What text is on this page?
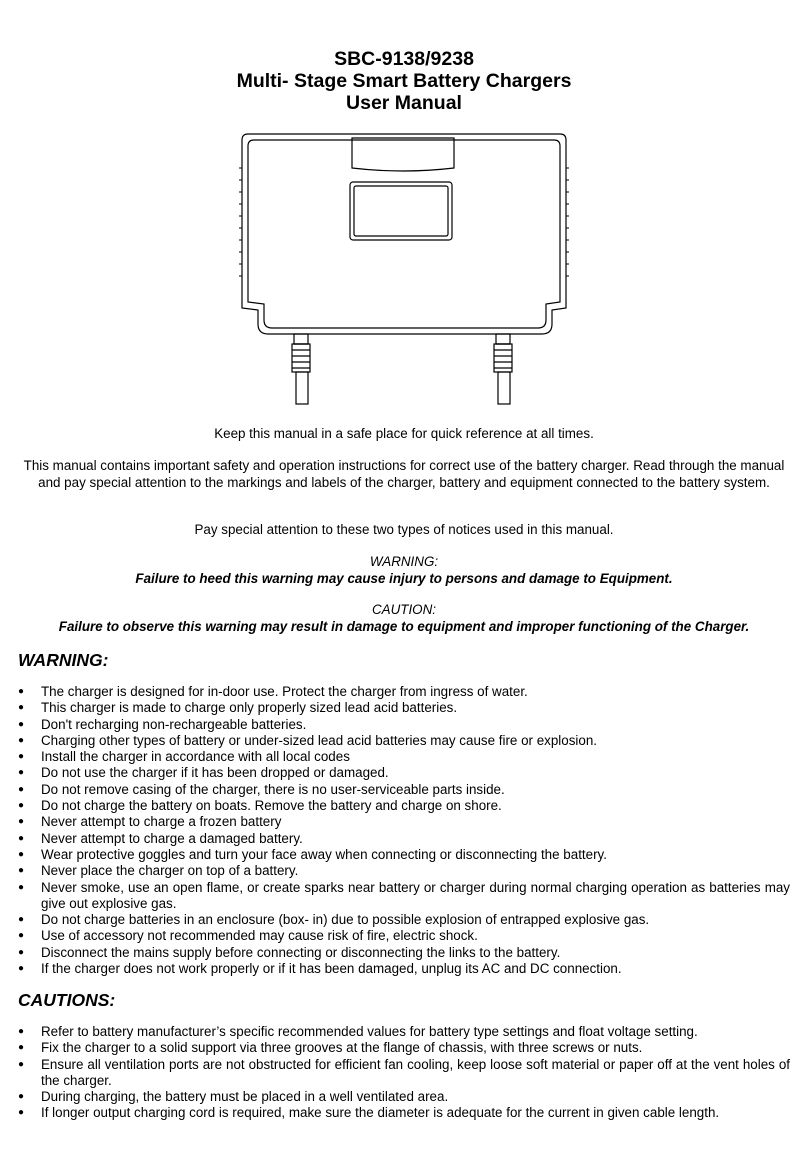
SBC-9138/9238
Multi- Stage Smart Battery Chargers
User Manual
Keep this manual in a safe place for quick reference at all times.
This manual contains important safety and operation instructions for correct use of the battery charger. Read through the manual and pay special attention to the markings and labels of the charger, battery and equipment connected to the battery system.
Pay special attention to these two types of notices used in this manual.
WARNING:
Failure to heed this warning may cause injury to persons and damage to Equipment.
CAUTION:
Failure to observe this warning may result in damage to equipment and improper functioning of the Charger.
WARNING:
● The charger is designed for in-door use. Protect the charger from ingress of water.
● This charger is made to charge only properly sized lead acid batteries.
● Don't recharging non-rechargeable batteries.
● Charging other types of battery or under-sized lead acid batteries may cause fire or explosion.
● Install the charger in accordance with all local codes
● Do not use the charger if it has been dropped or damaged.
● Do not remove casing of the charger, there is no user-serviceable parts inside.
● Do not charge the battery on boats. Remove the battery and charge on shore.
● Never attempt to charge a frozen battery
● Never attempt to charge a damaged battery.
● Wear protective goggles and turn your face away when connecting or disconnecting the battery.
● Never place the charger on top of a battery.
● Never smoke, use an open flame, or create sparks near battery or charger during normal charging operation as batteries may give out explosive gas.
● Do not charge batteries in an enclosure (box- in) due to possible explosion of entrapped explosive gas.
● Use of accessory not recommended may cause risk of fire, electric shock.
● Disconnect the mains supply before connecting or disconnecting the links to the battery.
● If the charger does not work properly or if it has been damaged, unplug its AC and DC connection.
CAUTIONS:
● Refer to battery manufacturer’s specific recommended values for battery type settings and float voltage setting.
● Fix the charger to a solid support via three grooves at the flange of chassis, with three screws or nuts.
● Ensure all ventilation ports are not obstructed for efficient fan cooling, keep loose soft material or paper off at the vent holes of the charger.
● During charging, the battery must be placed in a well ventilated area.
● If longer output charging cord is required, make sure the diameter is adequate for the current in given cable length.
